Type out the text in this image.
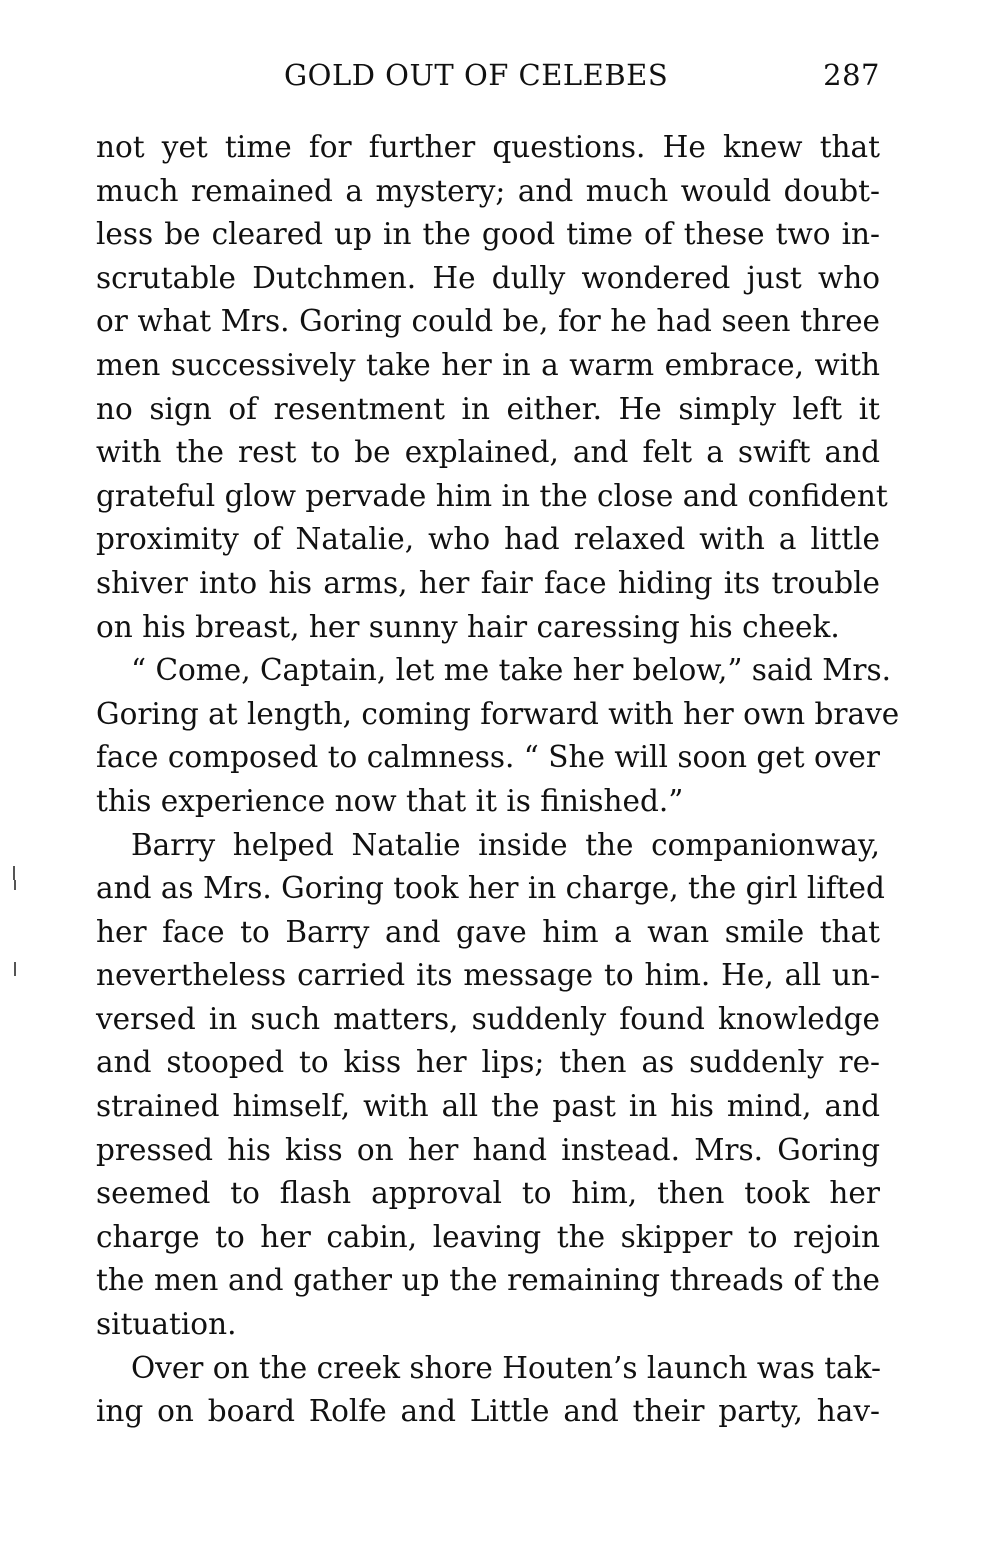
GOLD OUT OF CELEBES	287
not yet time for further questions. He knew that
much remained a mystery; and much would doubt-
less be cleared up in the good time of these two in-
scrutable Dutchmen. He dully wondered just who
or what Mrs. Goring could be, for he had seen three
men successively take her in a warm embrace, with
no sign of resentment in either. He simply left it
with the rest to be explained, and felt a swift and
grateful glow pervade him in the close and confident
proximity of Natalie, who had relaxed with a little
shiver into his arms, her fair face hiding its trouble
on his breast, her sunny hair caressing his cheek.
“ Come, Captain, let me take her below,” said Mrs.
Goring at length, coming forward with her own brave
face composed to calmness. “ She will soon get over
this experience now that it is finished.”
Barry helped Natalie inside the companionway,
and as Mrs. Goring took her in charge, the girl lifted
her face to Barry and gave him a wan smile that
nevertheless carried its message to him. He, all un-
versed in such matters, suddenly found knowledge
and stooped to kiss her lips; then as suddenly re-
strained himself, with all the past in his mind, and
pressed his kiss on her hand instead. Mrs. Goring
seemed to flash approval to him, then took her
charge to her cabin, leaving the skipper to rejoin
the men and gather up the remaining threads of the
situation.
Over on the creek shore Houten’s launch was tak-
ing on board Rolfe and Little and their party, hav-
